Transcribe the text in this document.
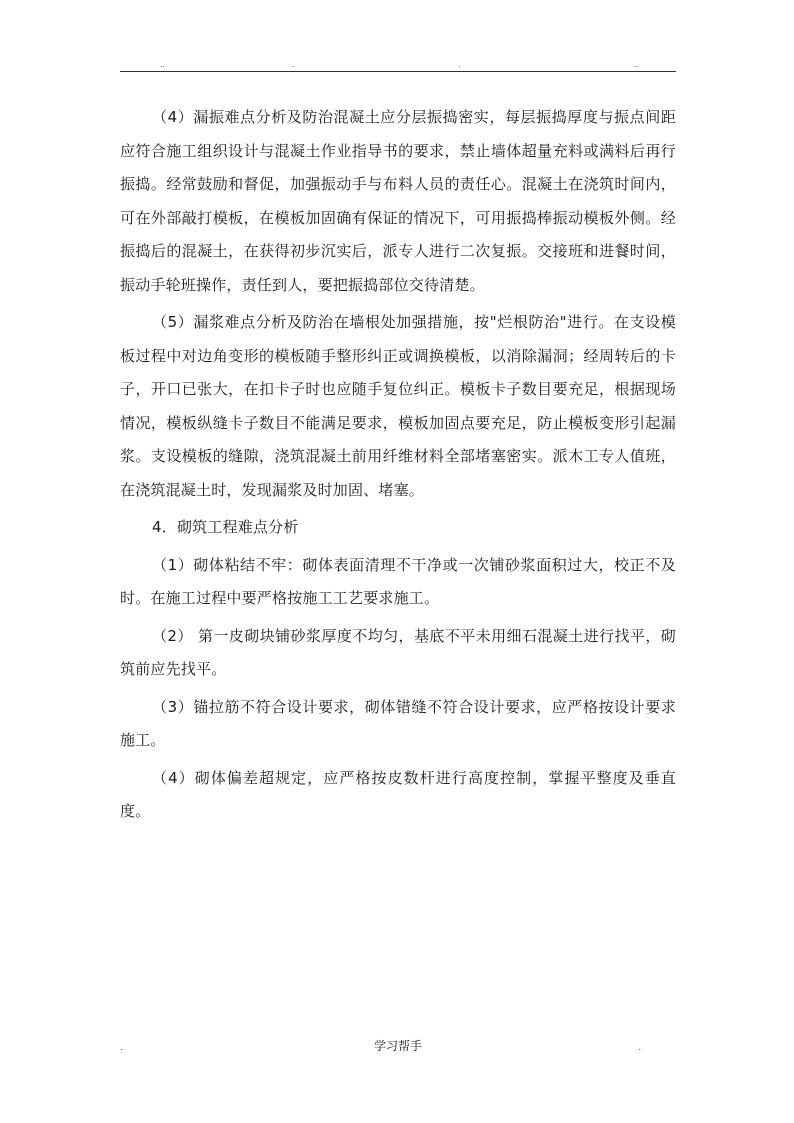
..	.	.	..

（4）漏振难点分析及防治混凝土应分层振捣密实，每层振捣厚度与振点间距应符合施工组织设计与混凝土作业指导书的要求，禁止墙体超量充料或满料后再行振捣。经常鼓励和督促，加强振动手与布料人员的责任心。混凝土在浇筑时间内，可在外部敲打模板，在模板加固确有保证的情况下，可用振捣棒振动模板外侧。经振捣后的混凝土，在获得初步沉实后，派专人进行二次复振。交接班和进餐时间，振动手轮班操作，责任到人，要把振捣部位交待清楚。

（5）漏浆难点分析及防治在墙根处加强措施，按"烂根防治"进行。在支设模板过程中对边角变形的模板随手整形纠正或调换模板，以消除漏洞；经周转后的卡子，开口已张大，在扣卡子时也应随手复位纠正。模板卡子数目要充足，根据现场情况，模板纵缝卡子数目不能满足要求，模板加固点要充足，防止模板变形引起漏浆。支设模板的缝隙，浇筑混凝土前用纤维材料全部堵塞密实。派木工专人值班，在浇筑混凝土时，发现漏浆及时加固、堵塞。

4．砌筑工程难点分析

（1）砌体粘结不牢：砌体表面清理不干净或一次铺砂浆面积过大，校正不及时。在施工过程中要严格按施工工艺要求施工。

（2） 第一皮砌块铺砂浆厚度不均匀，基底不平未用细石混凝土进行找平，砌筑前应先找平。

（3）锚拉筋不符合设计要求，砌体错缝不符合设计要求，应严格按设计要求施工。

（4）砌体偏差超规定，应严格按皮数杆进行高度控制，掌握平整度及垂直度。

.	学习帮手	.
